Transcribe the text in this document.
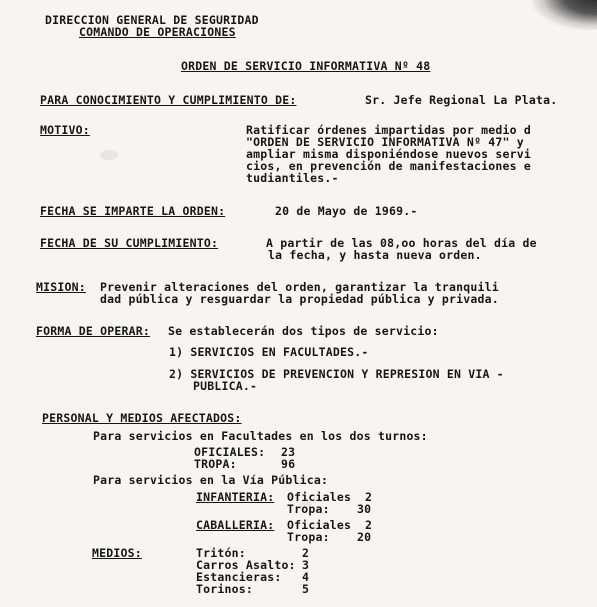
DIRECCION GENERAL DE SEGURIDAD
COMANDO DE OPERACIONES
ORDEN DE SERVICIO INFORMATIVA Nº 48
PARA CONOCIMIENTO Y CUMPLIMIENTO DE:	Sr. Jefe Regional La Plata.
MOTIVO:	Ratificar órdenes impartidas por medio d
"ORDEN DE SERVICIO INFORMATIVA Nº 47" y
ampliar misma disponiéndose nuevos servi
cios, en prevención de manifestaciones e
tudiantiles.-
FECHA SE IMPARTE LA ORDEN:	20 de Mayo de 1969.-
FECHA DE SU CUMPLIMIENTO:	A partir de las 08,oo horas del día de
la fecha, y hasta nueva orden.
MISION: Prevenir alteraciones del orden, garantizar la tranquili
dad pública y resguardar la propiedad pública y privada.
FORMA DE OPERAR: Se establecerán dos tipos de servicio:
1) SERVICIOS EN FACULTADES.-
2) SERVICIOS DE PREVENCION Y REPRESION EN VIA -
PUBLICA.-
PERSONAL Y MEDIOS AFECTADOS:
Para servicios en Facultades en los dos turnos:
OFICIALES: 23
TROPA:	96
Para servicios en la Vía Pública:
INFANTERIA: Oficiales 2
Tropa: 30
CABALLERIA: Oficiales 2
Tropa: 20
MEDIOS:	Tritón:	2
Carros Asalto: 3
Estancieras: 4
Torinos:	5
